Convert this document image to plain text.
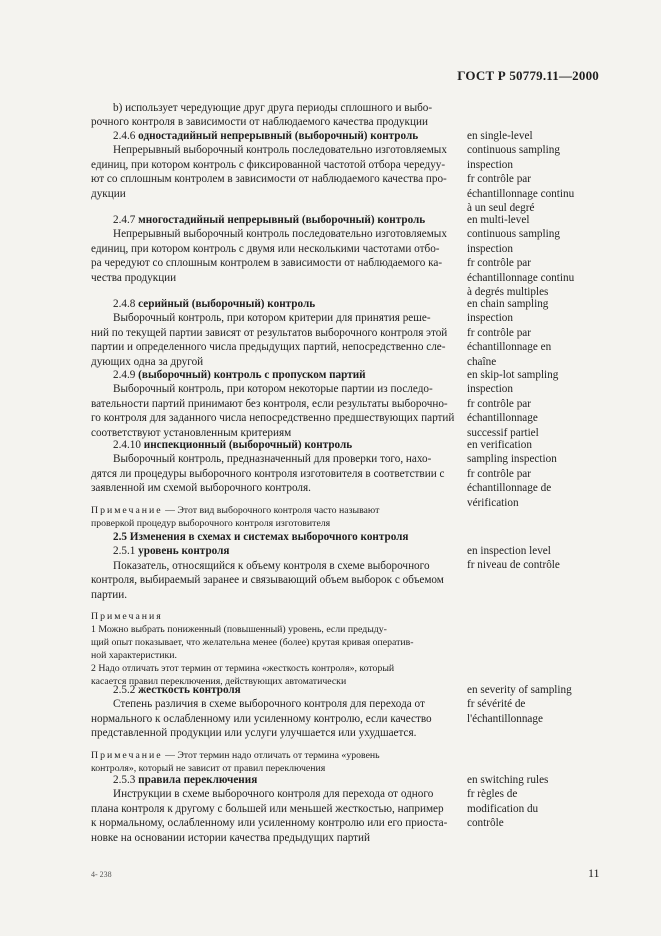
ГОСТ Р 50779.11—2000
b) использует чередующие друг друга периоды сплошного и выбо-
рочного контроля в зависимости от наблюдаемого качества продукции
2.4.6 одностадийный непрерывный (выборочный) контроль
Непрерывный выборочный контроль последовательно изготовляемых
единиц, при котором контроль с фиксированной частотой отбора чередуу-
ют со сплошным контролем в зависимости от наблюдаемого качества про-
дукции
en single-level
continuous sampling
inspection
fr contrôle par
échantillonnage continu
à un seul degré
2.4.7 многостадийный непрерывный (выборочный) контроль
Непрерывный выборочный контроль последовательно изготовляемых
единиц, при котором контроль с двумя или несколькими частотами отбо-
ра чередуют со сплошным контролем в зависимости от наблюдаемого ка-
чества продукции
en multi-level
continuous sampling
inspection
fr contrôle par
échantillonnage continu
à degrés multiples
2.4.8 серийный (выборочный) контроль
Выборочный контроль, при котором критерии для принятия реше-
ний по текущей партии зависят от результатов выборочного контроля этой
партии и определенного числа предыдущих партий, непосредственно сле-
дующих одна за другой
en chain sampling
inspection
fr contrôle par
échantillonnage en
chaîne
2.4.9 (выборочный) контроль с пропуском партий
Выборочный контроль, при котором некоторые партии из последо-
вательности партий принимают без контроля, если результаты выборочно-
го контроля для заданного числа непосредственно предшествующих партий
соответствуют установленным критериям
en skip-lot sampling
inspection
fr contrôle par
échantillonnage
successif partiel
2.4.10 инспекционный (выборочный) контроль
Выборочный контроль, предназначенный для проверки того, нахо-
дятся ли процедуры выборочного контроля изготовителя в соответствии с
заявленной им схемой выборочного контроля.
Примечание — Этот вид выборочного контроля часто называют
проверкой процедур выборочного контроля изготовителя
en verification
sampling inspection
fr contrôle par
échantillonnage de
vérification
2.5 Изменения в схемах и системах выборочного контроля
2.5.1 уровень контроля
Показатель, относящийся к объему контроля в схеме выборочного
контроля, выбираемый заранее и связывающий объем выборок с объемом
партии.
Примечания
1 Можно выбрать пониженный (повышенный) уровень, если предыду-
щий опыт показывает, что желательна менее (более) крутая кривая оператив-
ной характеристики.
2 Надо отличать этот термин от термина «жесткость контроля», который
касается правил переключения, действующих автоматически
en inspection level
fr niveau de contrôle
2.5.2 жесткость контроля
Степень различия в схеме выборочного контроля для перехода от
нормального к ослабленному или усиленному контролю, если качество
представленной продукции или услуги улучшается или ухудшается.
Примечание — Этот термин надо отличать от термина «уровень
контроля», который не зависит от правил переключения
en severity of sampling
fr sévérité de
l'échantillonnage
2.5.3 правила переключения
Инструкции в схеме выборочного контроля для перехода от одного
плана контроля к другому с большей или меньшей жесткостью, например
к нормальному, ослабленному или усиленному контролю или его приоста-
новке на основании истории качества предыдущих партий
en switching rules
fr règles de
modification du
contrôle
4- 238	11
